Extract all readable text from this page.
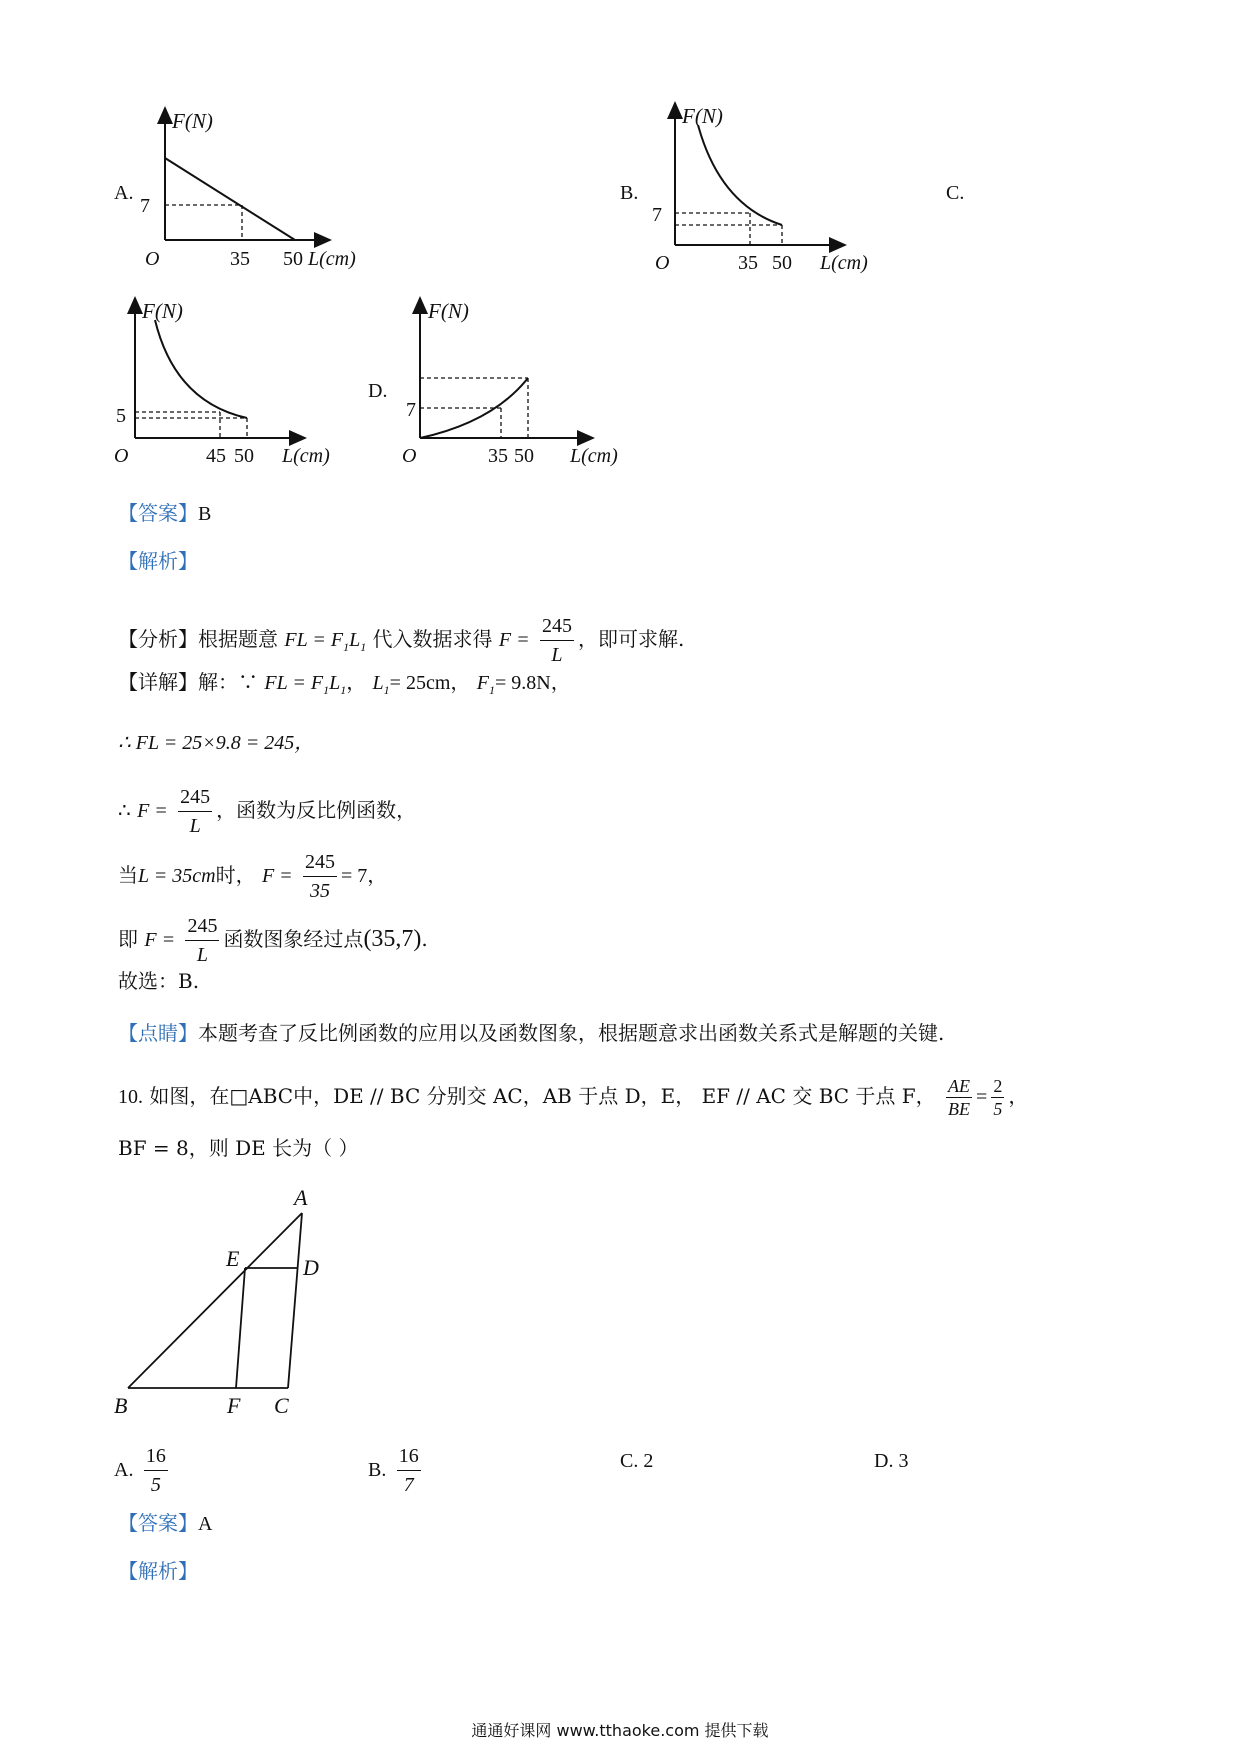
A.
F(N)
7
O	35 50 L(cm)
B.
F(N)
7
O	35 50 L(cm)
C.
F(N)
5
O	45 50 L(cm)
D.
F(N)
7
O	35 50 L(cm)
【答案】B
【解析】
【分析】根据题意 FL = $F_1L_1$ 代入数据求得 $F = \frac{245}{L}$ ，即可求解.
【详解】解：∵ FL = $F_1L_1$， $L_1= 25cm$， $F_1= 9.8N$，
∴ FL = 25×9.8 = 245，
∴ $F = \frac{245}{L}$ ，函数为反比例函数，
当L = 35cm时， $F = \frac{245}{35} = 7$，
即 $F = \frac{245}{L}$ 函数图象经过点(35,7).
故选：B.
【点睛】本题考查了反比例函数的应用以及函数图象，根据题意求出函数关系式是解题的关键.
10. 如图，在□ABC中，DE // BC 分别交 AC，AB 于点 D，E， EF // AC 交 BC 于点 F， $\frac{AE}{BE} = \frac{2}{5}$ ，
BF = 8，则 DE 长为（ ）
A
E	D
B	F C
A. $\frac{16}{5}$	B. $\frac{16}{7}$	C. 2	D. 3
【答案】A
【解析】
通通好课网 www.tthaoke.com 提供下载
